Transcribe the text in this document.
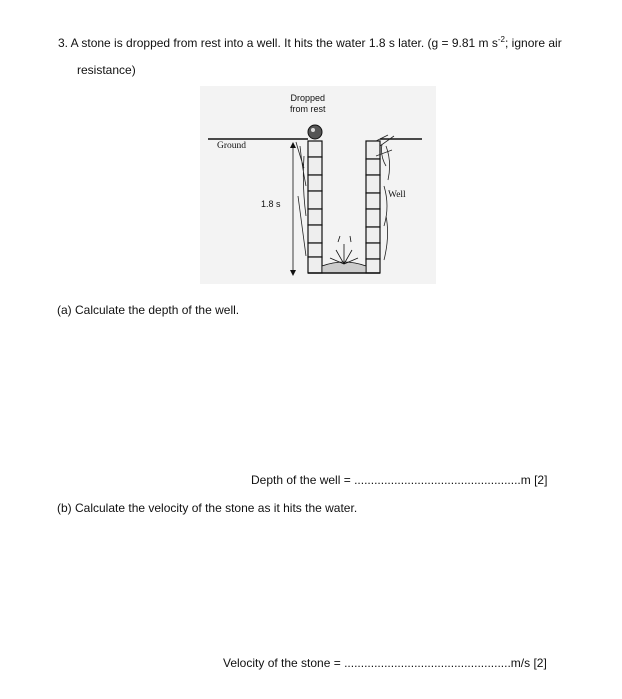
3. A stone is dropped from rest into a well. It hits the water 1.8 s later. (g = 9.81 m $s^{-2}$; ignore air
resistance)
Dropped
from rest
Ground
1.8 s
Well
(a) Calculate the depth of the well.
Depth of the well = ..................................................m [2]
(b) Calculate the velocity of the stone as it hits the water.
Velocity of the stone = ..................................................m/s [2]
